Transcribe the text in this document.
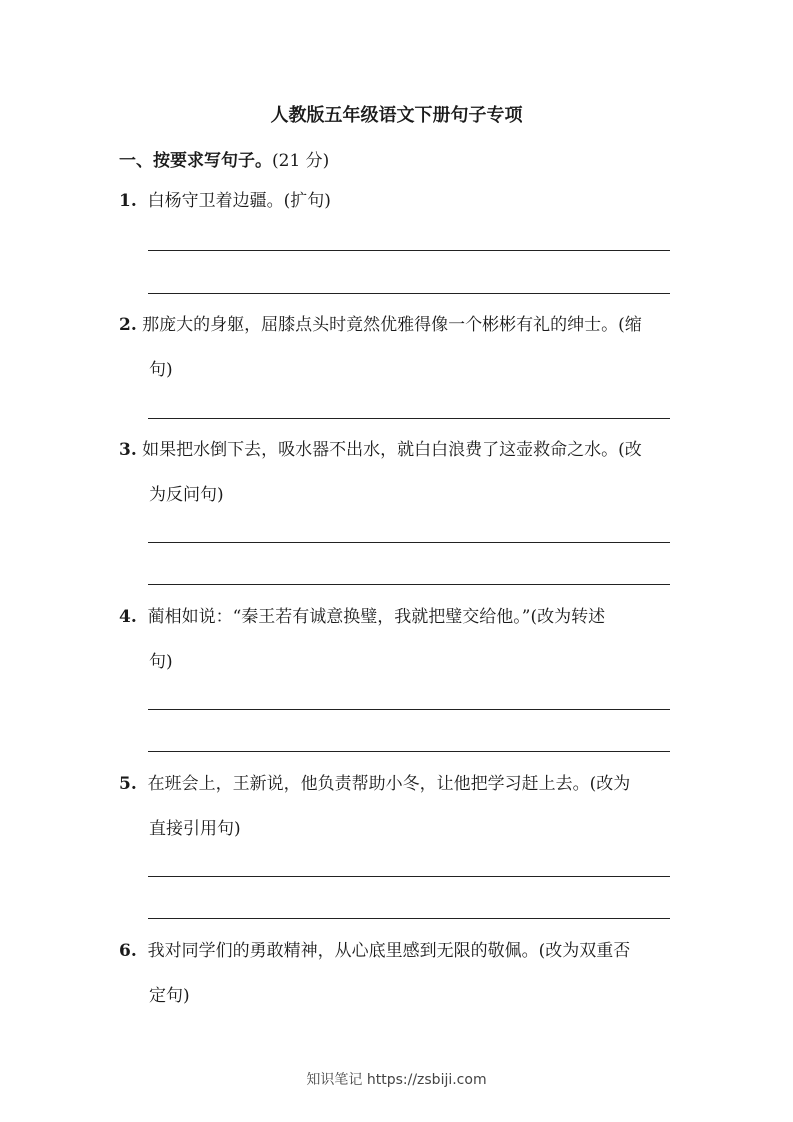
人教版五年级语文下册句子专项
一、按要求写句子。(21 分)
1. 白杨守卫着边疆。(扩句)
2. 那庞大的身躯，屈膝点头时竟然优雅得像一个彬彬有礼的绅士。(缩
句)
3. 如果把水倒下去，吸水器不出水，就白白浪费了这壶救命之水。(改
为反问句)
4. 蔺相如说：“秦王若有诚意换璧，我就把璧交给他。”(改为转述
句)
5. 在班会上，王新说，他负责帮助小冬，让他把学习赶上去。(改为
直接引用句)
6. 我对同学们的勇敢精神，从心底里感到无限的敬佩。(改为双重否
定句)
知识笔记 https://zsbiji.com
